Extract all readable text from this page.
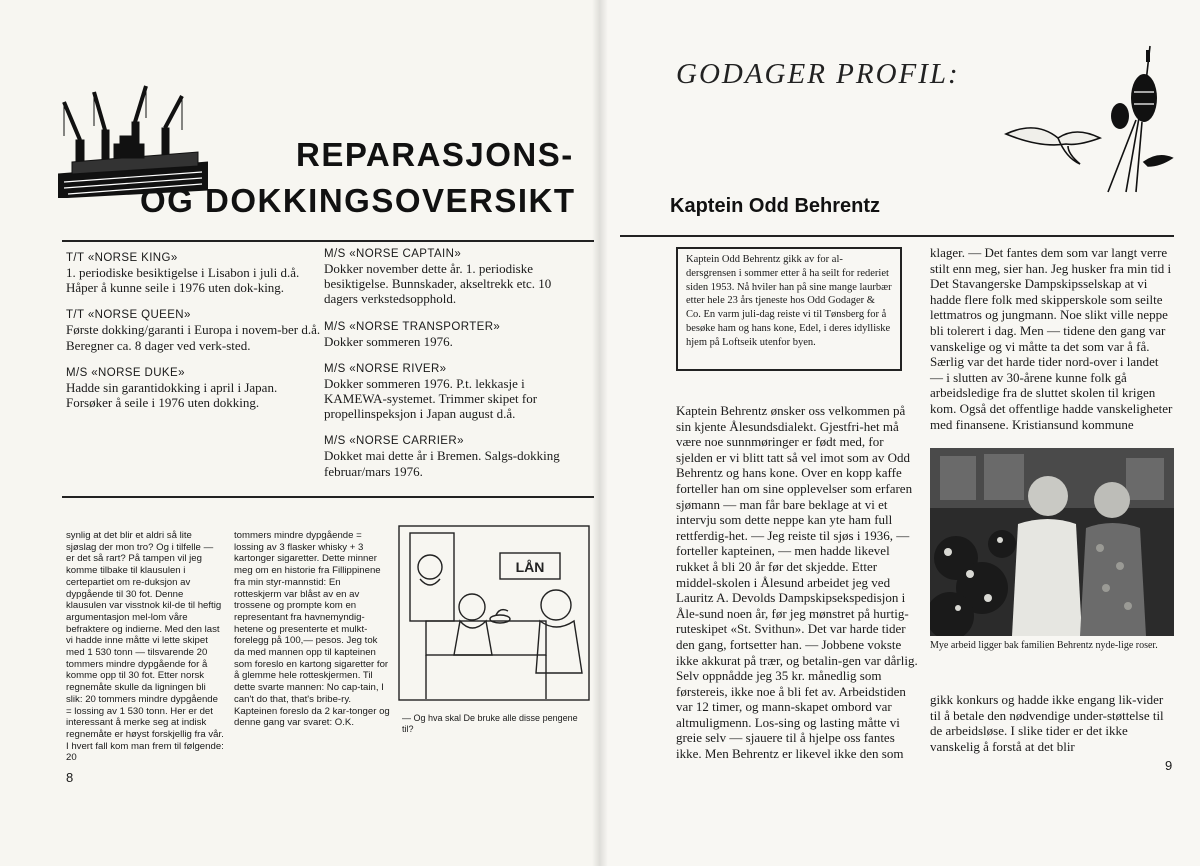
REPARASJONS-
OG DOKKINGSOVERSIKT
T/T «NORSE KING»
1. periodiske besiktigelse i Lisabon i juli d.å. Håper å kunne seile i 1976 uten dok-king.
T/T «NORSE QUEEN»
Første dokking/garanti i Europa i novem-ber d.å. Beregner ca. 8 dager ved verk-sted.
M/S «NORSE DUKE»
Hadde sin garantidokking i april i Japan. Forsøker å seile i 1976 uten dokking.
M/S «NORSE CAPTAIN»
Dokker november dette år. 1. periodiske besiktigelse. Bunnskader, akseltrekk etc. 10 dagers verkstedsopphold.
M/S «NORSE TRANSPORTER»
Dokker sommeren 1976.
M/S «NORSE RIVER»
Dokker sommeren 1976. P.t. lekkasje i KAMEWA-systemet. Trimmer skipet for propellinspeksjon i Japan august d.å.
M/S «NORSE CARRIER»
Dokket mai dette år i Bremen. Salgs-dokking februar/mars 1976.
synlig at det blir et aldri så lite sjøslag der mon tro? Og i tilfelle — er det så rart? På tampen vil jeg komme tilbake til klausulen i certepartiet om re-duksjon av dypgående til 30 fot. Denne klausulen var visstnok kil-de til heftig argumentasjon mel-lom våre befraktere og indierne. Med den last vi hadde inne måtte vi lette skipet med 1 530 tonn — tilsvarende 20 tommers mindre dypgående for å komme opp til 30 fot. Etter norsk regnemåte skulle da ligningen bli slik: 20 tommers mindre dypgående = lossing av 1 530 tonn. Her er det interessant å merke seg at indisk regnemåte er høyst forskjellig fra vår. I hvert fall kom man frem til følgende: 20
tommers mindre dypgående = lossing av 3 flasker whisky + 3 kartonger sigaretter. Dette minner meg om en historie fra Fillippinene fra min styr-mannstid: En rotteskjerm var blåst av en av trossene og prompte kom en representant fra havnemyndig-hetene og presenterte et mulkt-forelegg på 100,— pesos. Jeg tok da med mannen opp til kapteinen som foreslo en kartong sigaretter for å glemme hele rotteskjermen. Til dette svarte mannen: No cap-tain, I can't do that, that's bribe-ry. Kapteinen foreslo da 2 kar-tonger og denne gang var svaret: O.K.
LÅN
— Og hva skal De bruke alle disse pengene til?
8
GODAGER PROFIL:
Kaptein Odd Behrentz
Kaptein Odd Behrentz gikk av for al-dersgrensen i sommer etter å ha seilt for rederiet siden 1953. Nå hviler han på sine mange laurbær etter hele 23 års tjeneste hos Odd Godager & Co. En varm juli-dag reiste vi til Tønsberg for å besøke ham og hans kone, Edel, i deres idylliske hjem på Loftseik utenfor byen.

Kaptein Behrentz ønsker oss velkommen på sin kjente Ålesundsdialekt. Gjestfri-het må være noe sunnmøringer er født med, for sjelden er vi blitt tatt så vel imot som av Odd Behrentz og hans kone. Over en kopp kaffe forteller han om sine opplevelser som erfaren sjømann — man får bare beklage at vi et intervju som dette neppe kan yte ham full rettferdig-het. — Jeg reiste til sjøs i 1936, — forteller kapteinen, — men hadde likevel rukket å bli 20 år før det skjedde. Etter middel-skolen i Ålesund arbeidet jeg ved Lauritz A. Devolds Dampskipsekspedisjon i Åle-sund noen år, før jeg mønstret på hurtig-ruteskipet «St. Svithun». Det var harde tider den gang, fortsetter han. — Jobbene vokste ikke akkurat på trær, og betalin-gen var dårlig. Selv oppnådde jeg 35 kr. månedlig som førstereis, ikke noe å bli fet av. Arbeidstiden var 12 timer, og mann-skapet ombord var altmuligmenn. Los-sing og lasting måtte vi greie selv — sjauere til å hjelpe oss fantes ikke. Men Behrentz er likevel ikke den som

klager. — Det fantes dem som var langt verre stilt enn meg, sier han. Jeg husker fra min tid i Det Stavangerske Dampskipsselskap at vi hadde flere folk med skipperskole som seilte lettmatros og jungmann. Noe slikt ville neppe bli tolerert i dag. Men — tidene den gang var vanskelige og vi måtte ta det som var å få. Særlig var det harde tider nord-over i landet — i slutten av 30-årene kunne folk gå arbeidsledige fra de sluttet skolen til krigen kom. Også det offentlige hadde vanskeligheter med finansene. Kristiansund kommune

Mye arbeid ligger bak familien Behrentz nyde-lige roser.

gikk konkurs og hadde ikke engang lik-vider til å betale den nødvendige under-støttelse til de arbeidsløse. I slike tider er det ikke vanskelig å forstå at det blir

9
